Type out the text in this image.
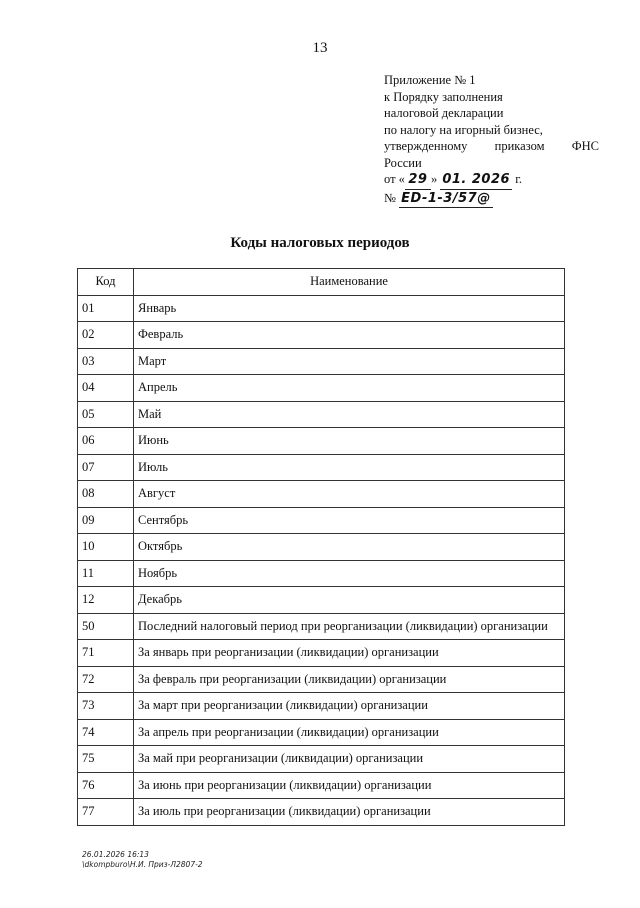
13
Приложение № 1
к Порядку заполнения
налоговой декларации
по налогу на игорный бизнес,
утвержденному приказом ФНС
России
от « 29 » 01. 2026 г.
№ ED-1-3/57@
Коды налоговых периодов
Код	Наименование
01	Январь
02	Февраль
03	Март
04	Апрель
05	Май
06	Июнь
07	Июль
08	Август
09	Сентябрь
10	Октябрь
11	Ноябрь
12	Декабрь
50	Последний налоговый период при реорганизации (ликвидации) организации
71	За январь при реорганизации (ликвидации) организации
72	За февраль при реорганизации (ликвидации) организации
73	За март при реорганизации (ликвидации) организации
74	За апрель при реорганизации (ликвидации) организации
75	За май при реорганизации (ликвидации) организации
76	За июнь при реорганизации (ликвидации) организации
77	За июль при реорганизации (ликвидации) организации
26.01.2026 16:13
\dkompburo\Н.И. Приз-Л2807-2
